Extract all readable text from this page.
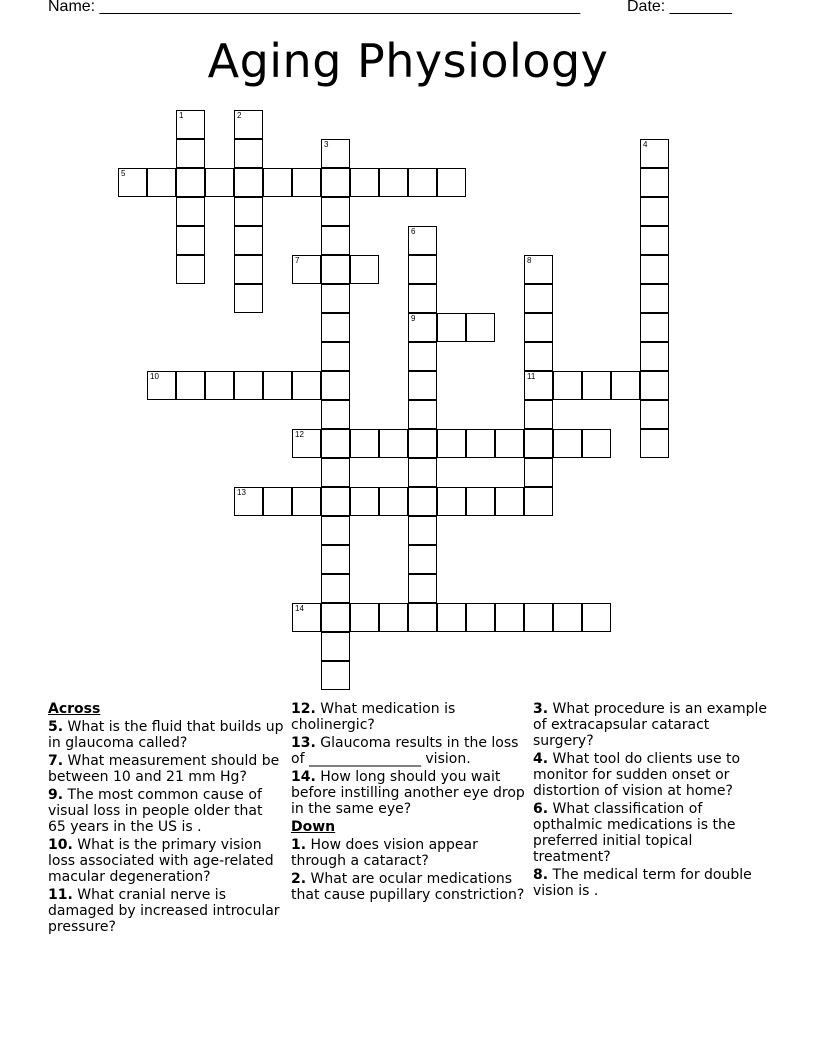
Name: ______________________________________________________	Date: _______
Aging Physiology
1	2
3	4
5
6
9
7	8
11
10
12
13
14
Across
5. What is the fluid that builds up in glaucoma called?
7. What measurement should be between 10 and 21 mm Hg?
9. The most common cause of visual loss in people older that 65 years in the US is .
10. What is the primary vision loss associated with age-related macular degeneration?
11. What cranial nerve is damaged by increased introcular pressure?
12. What medication is cholinergic?
13. Glaucoma results in the loss of ________________ vision.
14. How long should you wait before instilling another eye drop in the same eye?
Down
1. How does vision appear through a cataract?
2. What are ocular medications that cause pupillary constriction?
3. What procedure is an example of extracapsular cataract surgery?
4. What tool do clients use to monitor for sudden onset or distortion of vision at home?
6. What classification of opthalmic medications is the preferred initial topical treatment?
8. The medical term for double vision is .
